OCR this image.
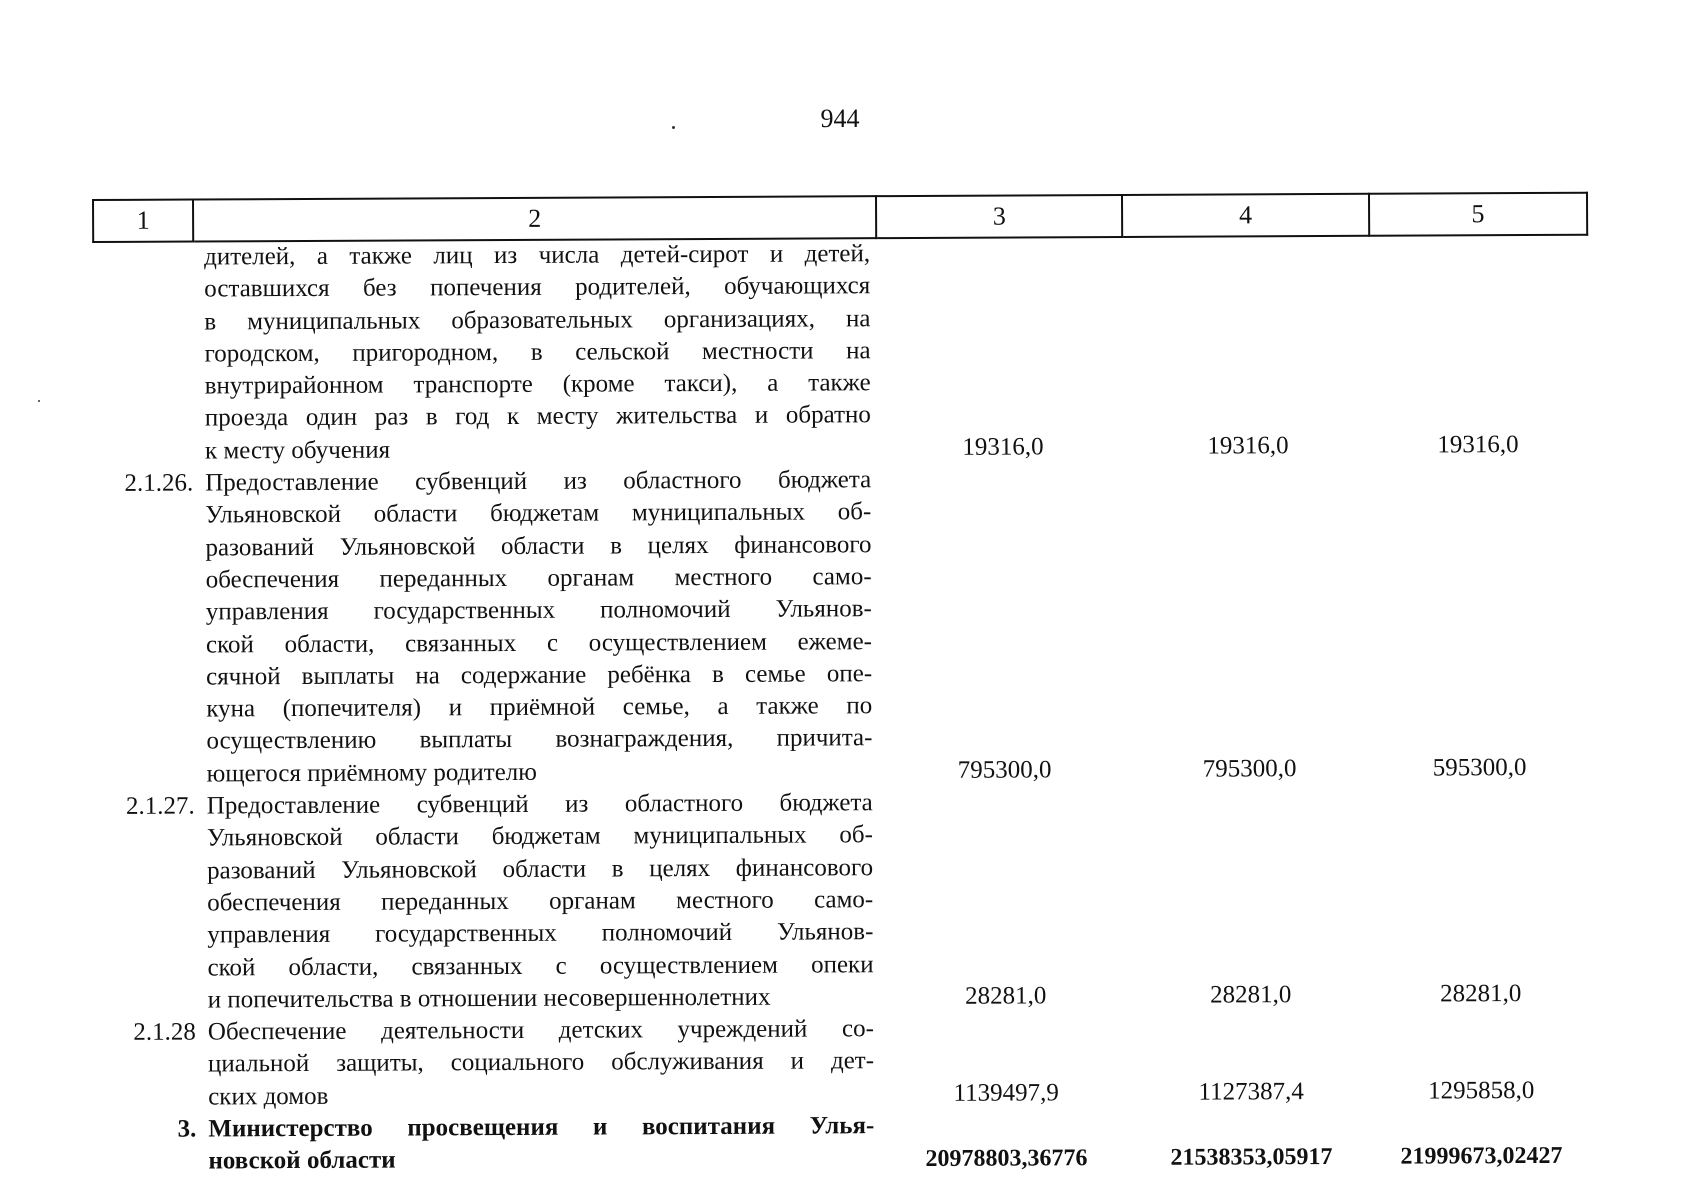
944
1	2	3	4	5
дителей, а также лиц из числа детей-сирот и детей,
оставшихся без попечения родителей, обучающихся
в муниципальных образовательных организациях, на
городском, пригородном, в сельской местности на
внутрирайонном транспорте (кроме такси), а также
проезда один раз в год к месту жительства и обратно
к месту обучения	19316,0	19316,0	19316,0
2.1.26. Предоставление субвенций из областного бюджета
Ульяновской области бюджетам муниципальных об-
разований Ульяновской области в целях финансового
обеспечения переданных органам местного само-
управления государственных полномочий Ульянов-
ской области, связанных с осуществлением ежеме-
сячной выплаты на содержание ребёнка в семье опе-
куна (попечителя) и приёмной семье, а также по
осуществлению выплаты вознаграждения, причита-
ющегося приёмному родителю	795300,0	795300,0	595300,0
2.1.27. Предоставление субвенций из областного бюджета
Ульяновской области бюджетам муниципальных об-
разований Ульяновской области в целях финансового
обеспечения переданных органам местного само-
управления государственных полномочий Ульянов-
ской области, связанных с осуществлением опеки
и попечительства в отношении несовершеннолетних	28281,0	28281,0	28281,0
2.1.28 Обеспечение деятельности детских учреждений со-
циальной защиты, социального обслуживания и дет-
ских домов	1139497,9	1127387,4	1295858,0
3. Министерство просвещения и воспитания Улья-
новской области	20978803,36776	21538353,05917	21999673,02427
